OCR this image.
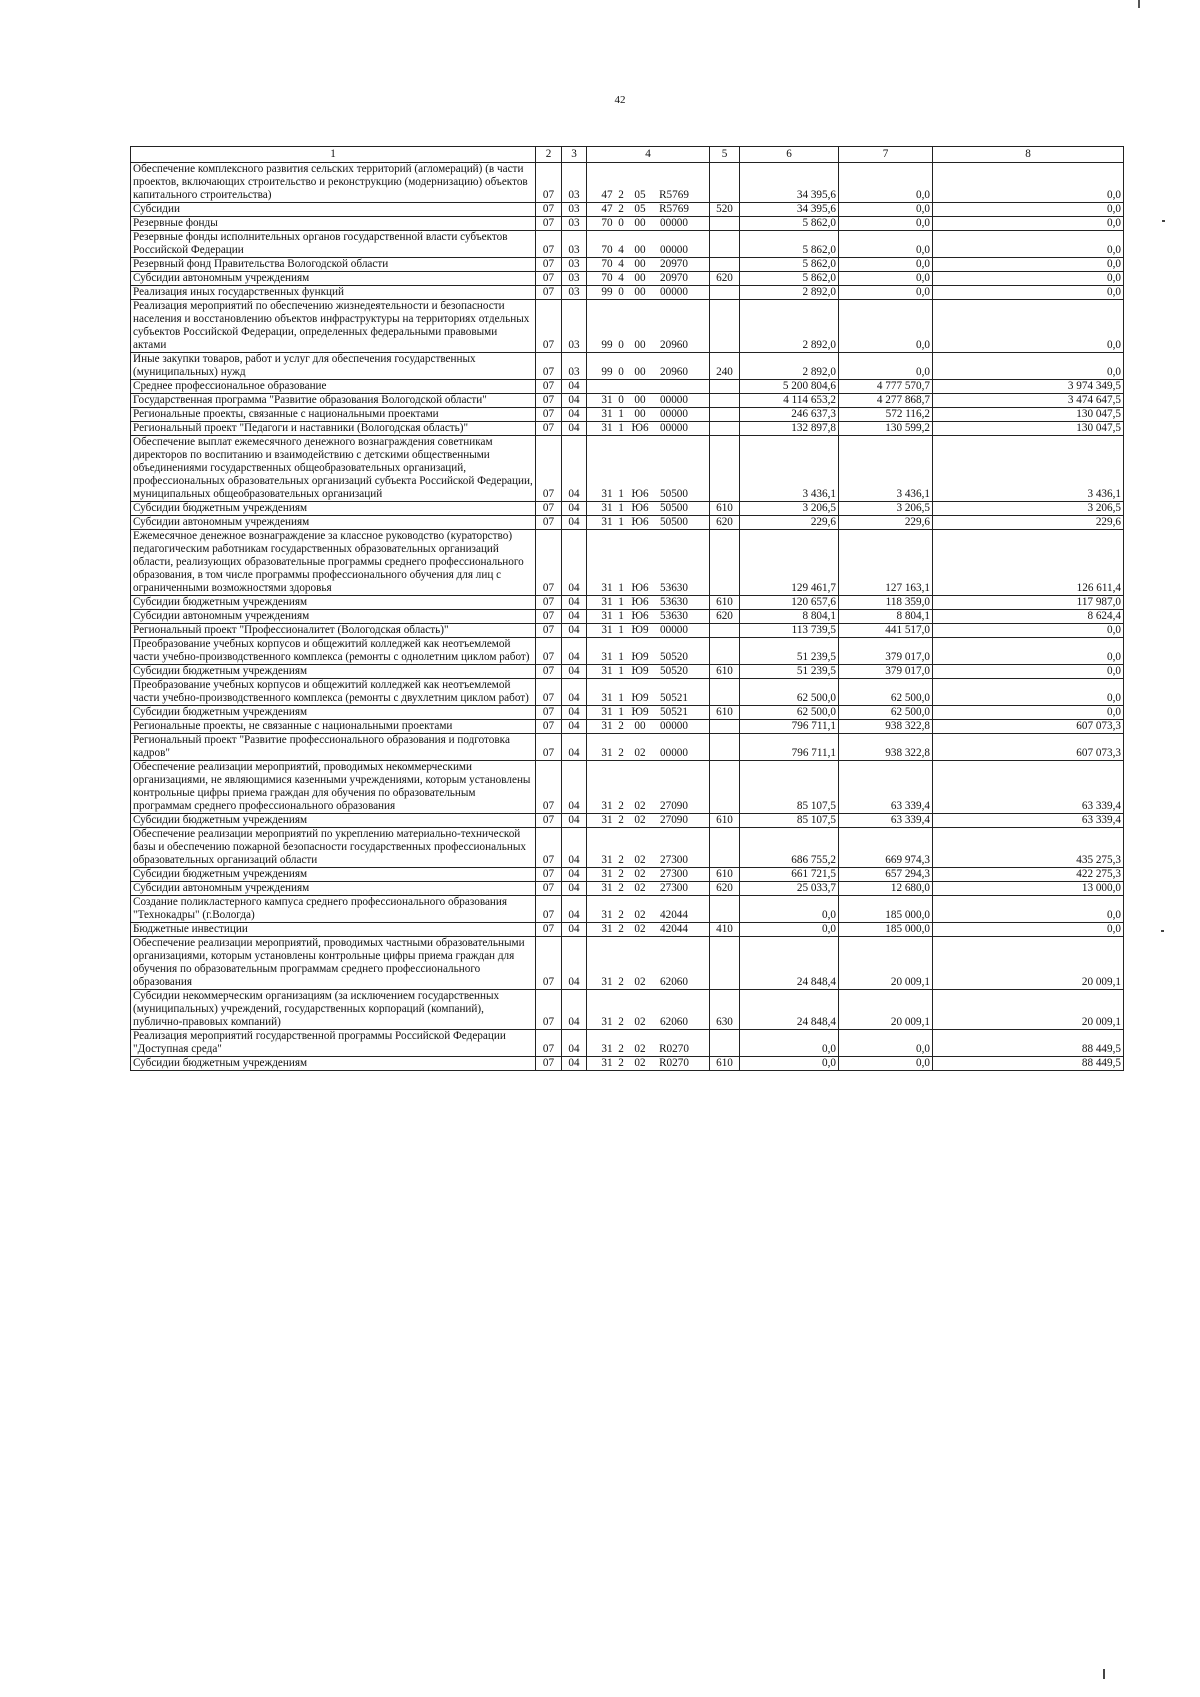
42
1	2	3	4	5	6	7	8
Обеспечение комплексного развития сельских территорий (агломераций) (в части проектов, включающих строительство и реконструкцию (модернизацию) объектов капитального строительства)	07	03	47 2 05 R5769		34 395,6	0,0	0,0
Субсидии	07	03	47 2 05 R5769	520	34 395,6	0,0	0,0
Резервные фонды	07	03	70 0 00 00000		5 862,0	0,0	0,0
Резервные фонды исполнительных органов государственной власти субъектов Российской Федерации	07	03	70 4 00 00000		5 862,0	0,0	0,0
Резервный фонд Правительства Вологодской области	07	03	70 4 00 20970		5 862,0	0,0	0,0
Субсидии автономным учреждениям	07	03	70 4 00 20970	620	5 862,0	0,0	0,0
Реализация иных государственных функций	07	03	99 0 00 00000		2 892,0	0,0	0,0
Реализация мероприятий по обеспечению жизнедеятельности и безопасности населения и восстановлению объектов инфраструктуры на территориях отдельных субъектов Российской Федерации, определенных федеральными правовыми актами	07	03	99 0 00 20960		2 892,0	0,0	0,0
Иные закупки товаров, работ и услуг для обеспечения государственных (муниципальных) нужд	07	03	99 0 00 20960	240	2 892,0	0,0	0,0
Среднее профессиональное образование	07	04			5 200 804,6	4 777 570,7	3 974 349,5
Государственная программа "Развитие образования Вологодской области"	07	04	31 0 00 00000		4 114 653,2	4 277 868,7	3 474 647,5
Региональные проекты, связанные с национальными проектами	07	04	31 1 00 00000		246 637,3	572 116,2	130 047,5
Региональный проект "Педагоги и наставники (Вологодская область)"	07	04	31 1 Ю6 00000		132 897,8	130 599,2	130 047,5
Обеспечение выплат ежемесячного денежного вознаграждения советникам директоров по воспитанию и взаимодействию с детскими общественными объединениями государственных общеобразовательных организаций, профессиональных образовательных организаций субъекта Российской Федерации, муниципальных общеобразовательных организаций	07	04	31 1 Ю6 50500		3 436,1	3 436,1	3 436,1
Субсидии бюджетным учреждениям	07	04	31 1 Ю6 50500	610	3 206,5	3 206,5	3 206,5
Субсидии автономным учреждениям	07	04	31 1 Ю6 50500	620	229,6	229,6	229,6
Ежемесячное денежное вознаграждение за классное руководство (кураторство) педагогическим работникам государственных образовательных организаций области, реализующих образовательные программы среднего профессионального образования, в том числе программы профессионального обучения для лиц с ограниченными возможностями здоровья	07	04	31 1 Ю6 53630		129 461,7	127 163,1	126 611,4
Субсидии бюджетным учреждениям	07	04	31 1 Ю6 53630	610	120 657,6	118 359,0	117 987,0
Субсидии автономным учреждениям	07	04	31 1 Ю6 53630	620	8 804,1	8 804,1	8 624,4
Региональный проект "Профессионалитет (Вологодская область)"	07	04	31 1 Ю9 00000		113 739,5	441 517,0	0,0
Преобразование учебных корпусов и общежитий колледжей как неотъемлемой части учебно-производственного комплекса (ремонты с однолетним циклом работ)	07	04	31 1 Ю9 50520		51 239,5	379 017,0	0,0
Субсидии бюджетным учреждениям	07	04	31 1 Ю9 50520	610	51 239,5	379 017,0	0,0
Преобразование учебных корпусов и общежитий колледжей как неотъемлемой части учебно-производственного комплекса (ремонты с двухлетним циклом работ)	07	04	31 1 Ю9 50521		62 500,0	62 500,0	0,0
Субсидии бюджетным учреждениям	07	04	31 1 Ю9 50521	610	62 500,0	62 500,0	0,0
Региональные проекты, не связанные с национальными проектами	07	04	31 2 00 00000		796 711,1	938 322,8	607 073,3
Региональный проект "Развитие профессионального образования и подготовка кадров"	07	04	31 2 02 00000		796 711,1	938 322,8	607 073,3
Обеспечение реализации мероприятий, проводимых некоммерческими организациями, не являющимися казенными учреждениями, которым установлены контрольные цифры приема граждан для обучения по образовательным программам среднего профессионального образования	07	04	31 2 02 27090		85 107,5	63 339,4	63 339,4
Субсидии бюджетным учреждениям	07	04	31 2 02 27090	610	85 107,5	63 339,4	63 339,4
Обеспечение реализации мероприятий по укреплению материально-технической базы и обеспечению пожарной безопасности государственных профессиональных образовательных организаций области	07	04	31 2 02 27300		686 755,2	669 974,3	435 275,3
Субсидии бюджетным учреждениям	07	04	31 2 02 27300	610	661 721,5	657 294,3	422 275,3
Субсидии автономным учреждениям	07	04	31 2 02 27300	620	25 033,7	12 680,0	13 000,0
Создание поликластерного кампуса среднего профессионального образования "Технокадры" (г.Вологда)	07	04	31 2 02 42044		0,0	185 000,0	0,0
Бюджетные инвестиции	07	04	31 2 02 42044	410	0,0	185 000,0	0,0
Обеспечение реализации мероприятий, проводимых частными образовательными организациями, которым установлены контрольные цифры приема граждан для обучения по образовательным программам среднего профессионального образования	07	04	31 2 02 62060		24 848,4	20 009,1	20 009,1
Субсидии некоммерческим организациям (за исключением государственных (муниципальных) учреждений, государственных корпораций (компаний), публично-правовых компаний)	07	04	31 2 02 62060	630	24 848,4	20 009,1	20 009,1
Реализация мероприятий государственной программы Российской Федерации "Доступная среда"	07	04	31 2 02 R0270		0,0	0,0	88 449,5
Субсидии бюджетным учреждениям	07	04	31 2 02 R0270	610	0,0	0,0	88 449,5
